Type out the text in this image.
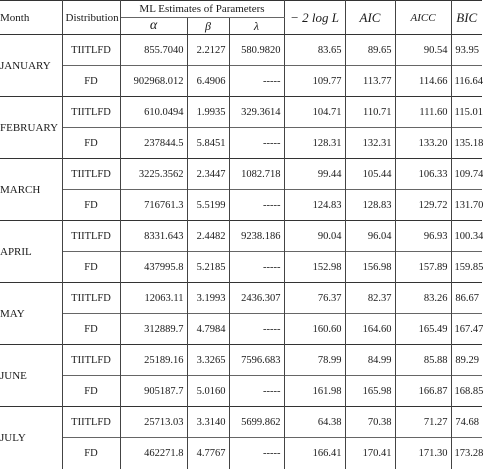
Month	Distribution	ML Estimates of Parameters			− 2 log L	AIC	AICC	BIC
		α	β	λ				
JANUARY	TIITLFD	855.7040	2.2127	580.9820	83.65	89.65	90.54	93.95
	FD	902968.012	6.4906	-----	109.77	113.77	114.66	116.64
FEBRUARY	TIITLFD	610.0494	1.9935	329.3614	104.71	110.71	111.60	115.01
	FD	237844.5	5.8451	-----	128.31	132.31	133.20	135.18
MARCH	TIITLFD	3225.3562	2.3447	1082.718	99.44	105.44	106.33	109.74
	FD	716761.3	5.5199	-----	124.83	128.83	129.72	131.70
APRIL	TIITLFD	8331.643	2.4482	9238.186	90.04	96.04	96.93	100.34
	FD	437995.8	5.2185	-----	152.98	156.98	157.89	159.85
MAY	TIITLFD	12063.11	3.1993	2436.307	76.37	82.37	83.26	86.67
	FD	312889.7	4.7984	-----	160.60	164.60	165.49	167.47
JUNE	TIITLFD	25189.16	3.3265	7596.683	78.99	84.99	85.88	89.29
	FD	905187.7	5.0160	-----	161.98	165.98	166.87	168.85
JULY	TIITLFD	25713.03	3.3140	5699.862	64.38	70.38	71.27	74.68
	FD	462271.8	4.7767	-----	166.41	170.41	171.30	173.28
